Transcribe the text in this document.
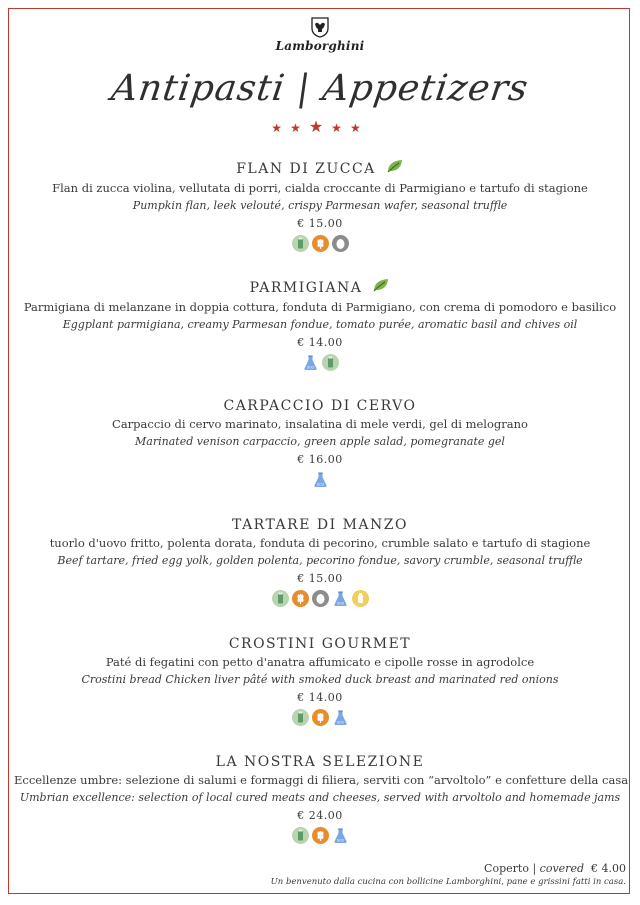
Lamborghini
Antipasti | Appetizers
★★★★★
FLAN DI ZUCCA
Flan di zucca violina, vellutata di porri, cialda croccante di Parmigiano e tartufo di stagione
Pumpkin flan, leek velouté, crispy Parmesan wafer, seasonal truffle
€ 15.00
PARMIGIANA
Parmigiana di melanzane in doppia cottura, fonduta di Parmigiano, con crema di pomodoro e basilico
Eggplant parmigiana, creamy Parmesan fondue, tomato purée, aromatic basil and chives oil
€ 14.00
SO2
CARPACCIO DI CERVO
Carpaccio di cervo marinato, insalatina di mele verdi, gel di melograno
Marinated venison carpaccio, green apple salad, pomegranate gel
€ 16.00
SO2
TARTARE DI MANZO
tuorlo d'uovo fritto, polenta dorata, fonduta di pecorino, crumble salato e tartufo di stagione
Beef tartare, fried egg yolk, golden polenta, pecorino fondue, savory crumble, seasonal truffle
€ 15.00
SO2
CROSTINI GOURMET
Paté di fegatini con petto d'anatra affumicato e cipolle rosse in agrodolce
Crostini bread Chicken liver pâté with smoked duck breast and marinated red onions
€ 14.00
SO2
LA NOSTRA SELEZIONE
Eccellenze umbre: selezione di salumi e formaggi di filiera, serviti con “arvoltolo” e confetture della casa
Umbrian excellence: selection of local cured meats and cheeses, served with arvoltolo and homemade jams
€ 24.00
SO2
Coperto | covered € 4.00
Un benvenuto dalla cucina con bollicine Lamborghini, pane e grissini fatti in casa.
